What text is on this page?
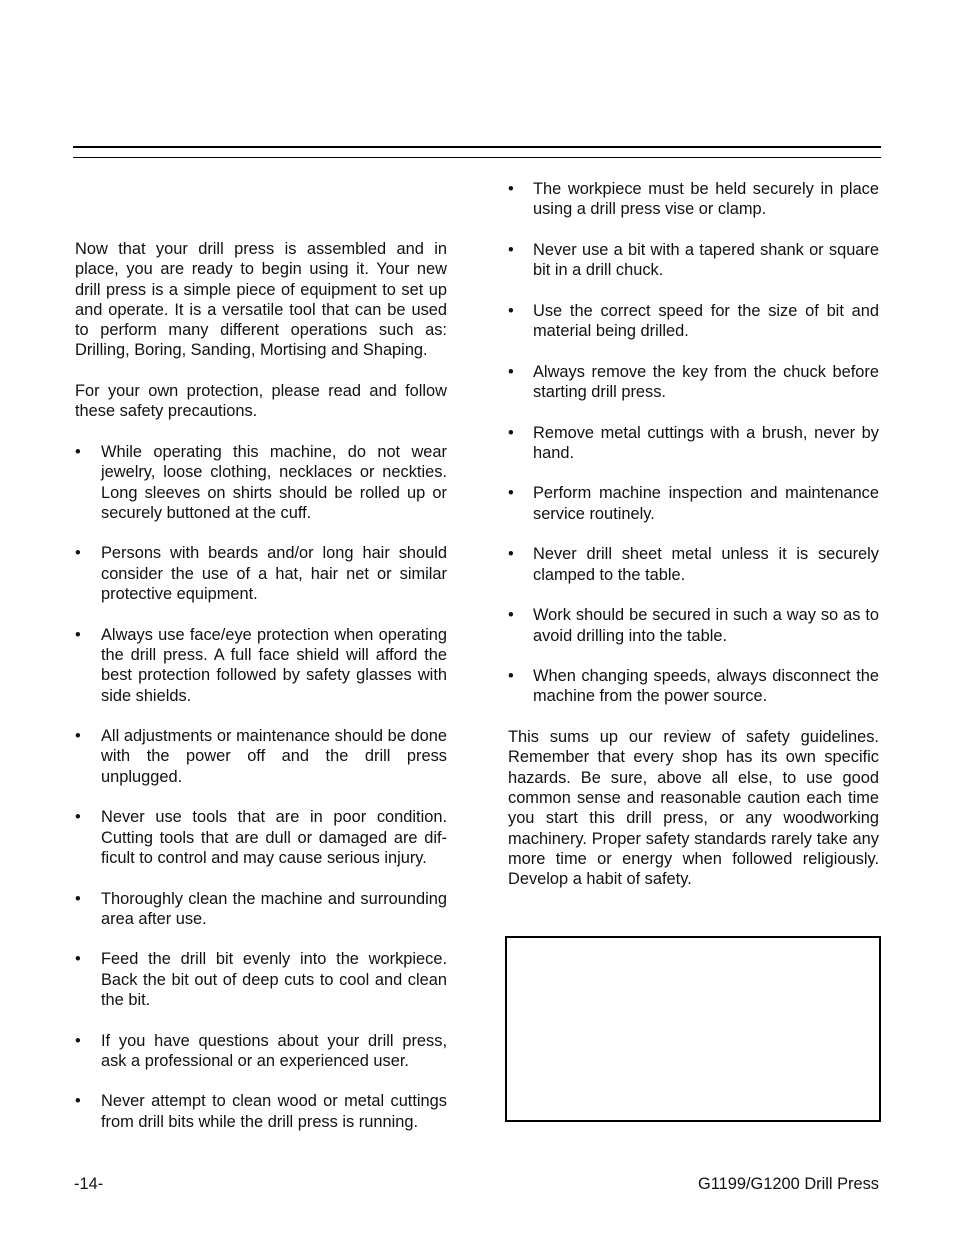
Now that your drill press is assembled and in place, you are ready to begin using it. Your new drill press is a simple piece of equipment to set up and operate. It is a versatile tool that can be used to perform many different operations such as: Drilling, Boring, Sanding, Mortising and Shaping.

For your own protection, please read and follow these safety precautions.

• While operating this machine, do not wear jewelry, loose clothing, necklaces or neckties. Long sleeves on shirts should be rolled up or securely buttoned at the cuff.
• Persons with beards and/or long hair should consider the use of a hat, hair net or similar protective equipment.
• Always use face/eye protection when operating the drill press. A full face shield will afford the best protection followed by safety glasses with side shields.
• All adjustments or maintenance should be done with the power off and the drill press unplugged.
• Never use tools that are in poor condition. Cutting tools that are dull or damaged are difficult to control and may cause serious injury.
• Thoroughly clean the machine and surrounding area after use.
• Feed the drill bit evenly into the workpiece. Back the bit out of deep cuts to cool and clean the bit.
• If you have questions about your drill press, ask a professional or an experienced user.
• Never attempt to clean wood or metal cuttings from drill bits while the drill press is running.
• The workpiece must be held securely in place using a drill press vise or clamp.
• Never use a bit with a tapered shank or square bit in a drill chuck.
• Use the correct speed for the size of bit and material being drilled.
• Always remove the key from the chuck before starting drill press.
• Remove metal cuttings with a brush, never by hand.
• Perform machine inspection and maintenance service routinely.
• Never drill sheet metal unless it is securely clamped to the table.
• Work should be secured in such a way so as to avoid drilling into the table.
• When changing speeds, always disconnect the machine from the power source.

This sums up our review of safety guidelines. Remember that every shop has its own specific hazards. Be sure, above all else, to use good common sense and reasonable caution each time you start this drill press, or any woodworking machinery. Proper safety standards rarely take any more time or energy when followed religiously. Develop a habit of safety.

-14-	G1199/G1200 Drill Press
